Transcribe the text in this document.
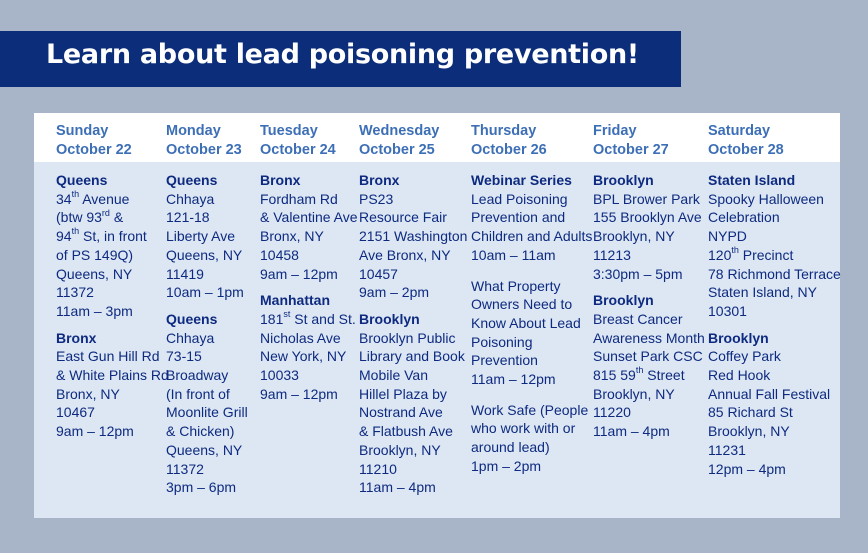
Learn about lead poisoning prevention!
Sunday
October 22
Queens
34th Avenue
(btw 93rd &
94th St, in front
of PS 149Q)
Queens, NY
11372
11am – 3pm
Bronx
East Gun Hill Rd
& White Plains Rd
Bronx, NY
10467
9am – 12pm
Monday
October 23
Queens
Chhaya
121-18
Liberty Ave
Queens, NY
11419
10am – 1pm
Queens
Chhaya
73-15
Broadway
(In front of
Moonlite Grill
& Chicken)
Queens, NY
11372
3pm – 6pm
Tuesday
October 24
Bronx
Fordham Rd
& Valentine Ave
Bronx, NY
10458
9am – 12pm
Manhattan
181st St and St.
Nicholas Ave
New York, NY
10033
9am – 12pm
Wednesday
October 25
Bronx
PS23
Resource Fair
2151 Washington
Ave Bronx, NY
10457
9am – 2pm
Brooklyn
Brooklyn Public
Library and Book
Mobile Van
Hillel Plaza by
Nostrand Ave
& Flatbush Ave
Brooklyn, NY
11210
11am – 4pm
Thursday
October 26
Webinar Series
Lead Poisoning
Prevention and
Children and Adults
10am – 11am
What Property
Owners Need to
Know About Lead
Poisoning
Prevention
11am – 12pm
Work Safe (People
who work with or
around lead)
1pm – 2pm
Friday
October 27
Brooklyn
BPL Brower Park
155 Brooklyn Ave
Brooklyn, NY
11213
3:30pm – 5pm
Brooklyn
Breast Cancer
Awareness Month
Sunset Park CSC
815 59th Street
Brooklyn, NY
11220
11am – 4pm
Saturday
October 28
Staten Island
Spooky Halloween
Celebration
NYPD
120th Precinct
78 Richmond Terrace
Staten Island, NY
10301
Brooklyn
Coffey Park
Red Hook
Annual Fall Festival
85 Richard St
Brooklyn, NY
11231
12pm – 4pm
